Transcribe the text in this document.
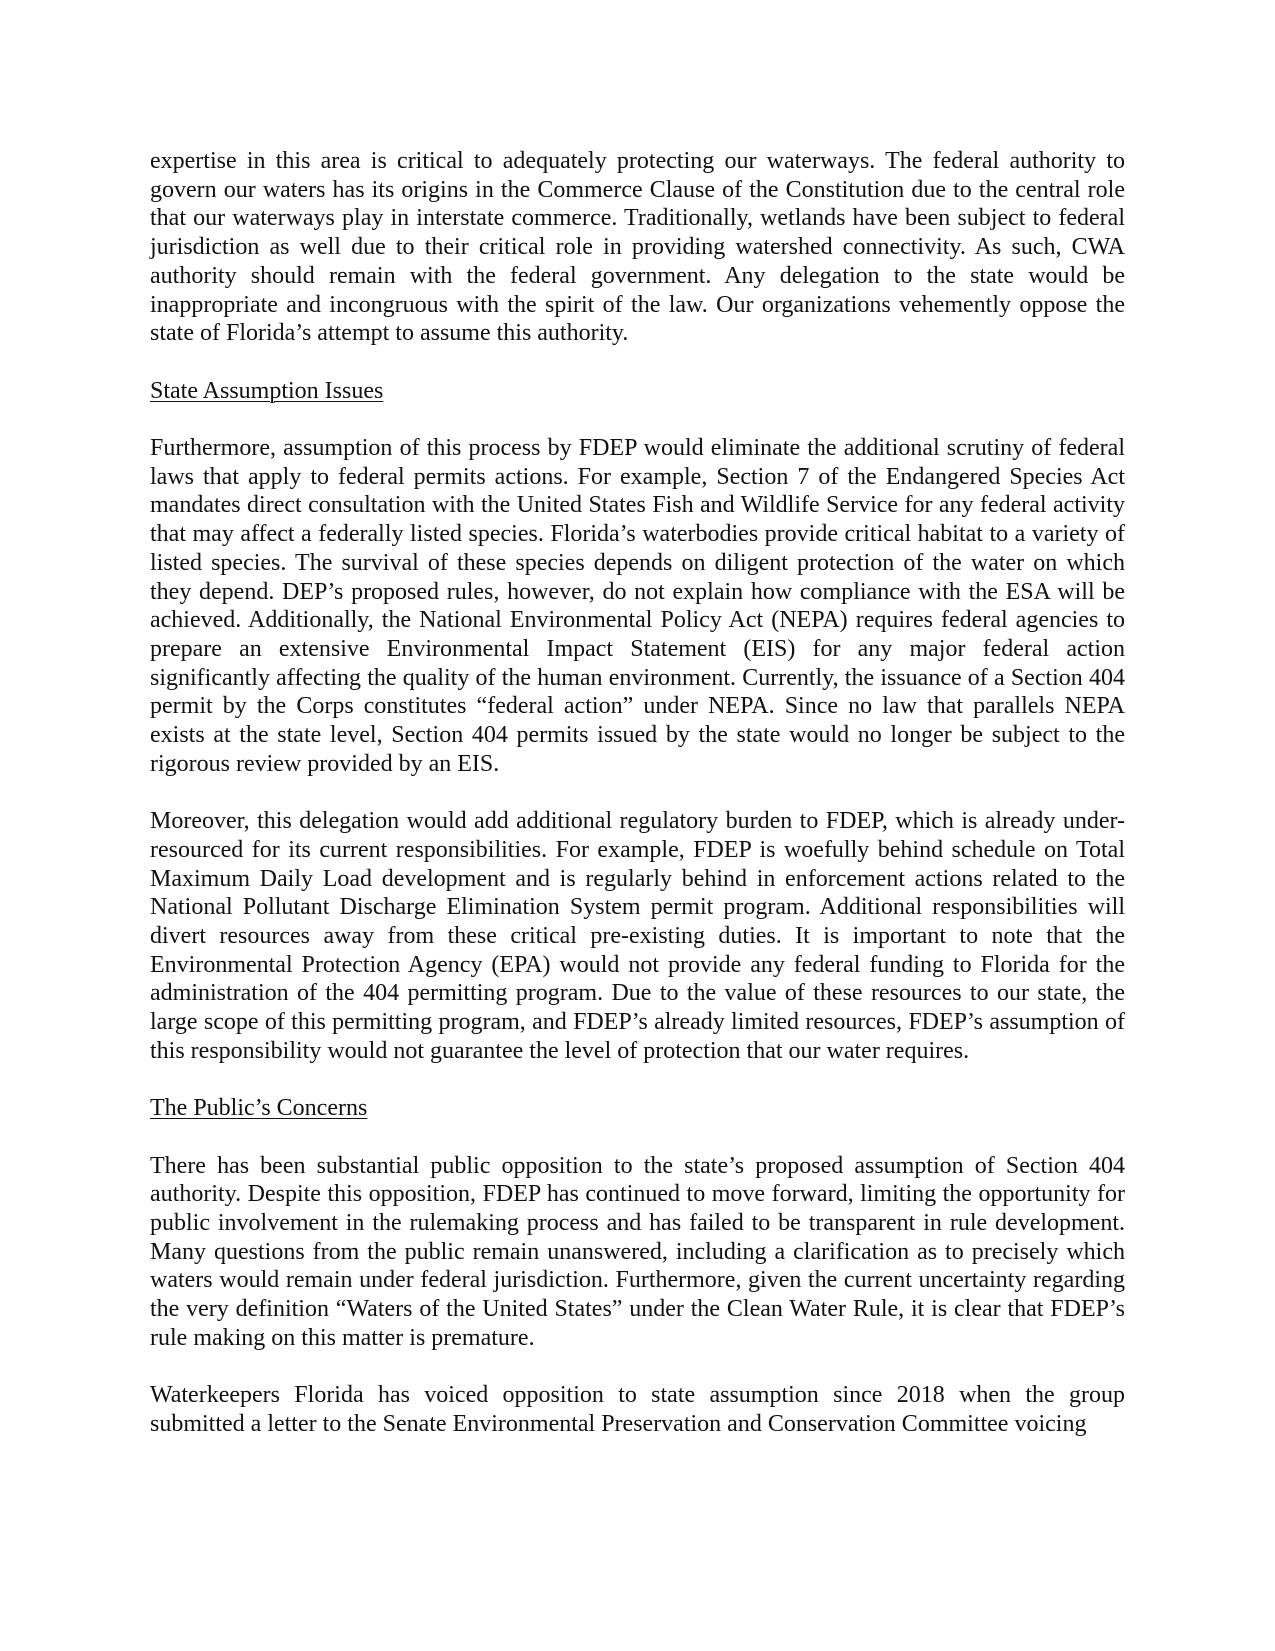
expertise in this area is critical to adequately protecting our waterways. The federal authority to govern our waters has its origins in the Commerce Clause of the Constitution due to the central role that our waterways play in interstate commerce. Traditionally, wetlands have been subject to federal jurisdiction as well due to their critical role in providing watershed connectivity. As such, CWA authority should remain with the federal government. Any delegation to the state would be inappropriate and incongruous with the spirit of the law. Our organizations vehemently oppose the state of Florida’s attempt to assume this authority.

State Assumption Issues

Furthermore, assumption of this process by FDEP would eliminate the additional scrutiny of federal laws that apply to federal permits actions. For example, Section 7 of the Endangered Species Act mandates direct consultation with the United States Fish and Wildlife Service for any federal activity that may affect a federally listed species. Florida’s waterbodies provide critical habitat to a variety of listed species. The survival of these species depends on diligent protection of the water on which they depend. DEP’s proposed rules, however, do not explain how compliance with the ESA will be achieved. Additionally, the National Environmental Policy Act (NEPA) requires federal agencies to prepare an extensive Environmental Impact Statement (EIS) for any major federal action significantly affecting the quality of the human environment. Currently, the issuance of a Section 404 permit by the Corps constitutes “federal action” under NEPA. Since no law that parallels NEPA exists at the state level, Section 404 permits issued by the state would no longer be subject to the rigorous review provided by an EIS.

Moreover, this delegation would add additional regulatory burden to FDEP, which is already under-resourced for its current responsibilities. For example, FDEP is woefully behind schedule on Total Maximum Daily Load development and is regularly behind in enforcement actions related to the National Pollutant Discharge Elimination System permit program. Additional responsibilities will divert resources away from these critical pre-existing duties. It is important to note that the Environmental Protection Agency (EPA) would not provide any federal funding to Florida for the administration of the 404 permitting program. Due to the value of these resources to our state, the large scope of this permitting program, and FDEP’s already limited resources, FDEP’s assumption of this responsibility would not guarantee the level of protection that our water requires.

The Public’s Concerns

There has been substantial public opposition to the state’s proposed assumption of Section 404 authority. Despite this opposition, FDEP has continued to move forward, limiting the opportunity for public involvement in the rulemaking process and has failed to be transparent in rule development. Many questions from the public remain unanswered, including a clarification as to precisely which waters would remain under federal jurisdiction. Furthermore, given the current uncertainty regarding the very definition “Waters of the United States” under the Clean Water Rule, it is clear that FDEP’s rule making on this matter is premature.

Waterkeepers Florida has voiced opposition to state assumption since 2018 when the group submitted a letter to the Senate Environmental Preservation and Conservation Committee voicing
